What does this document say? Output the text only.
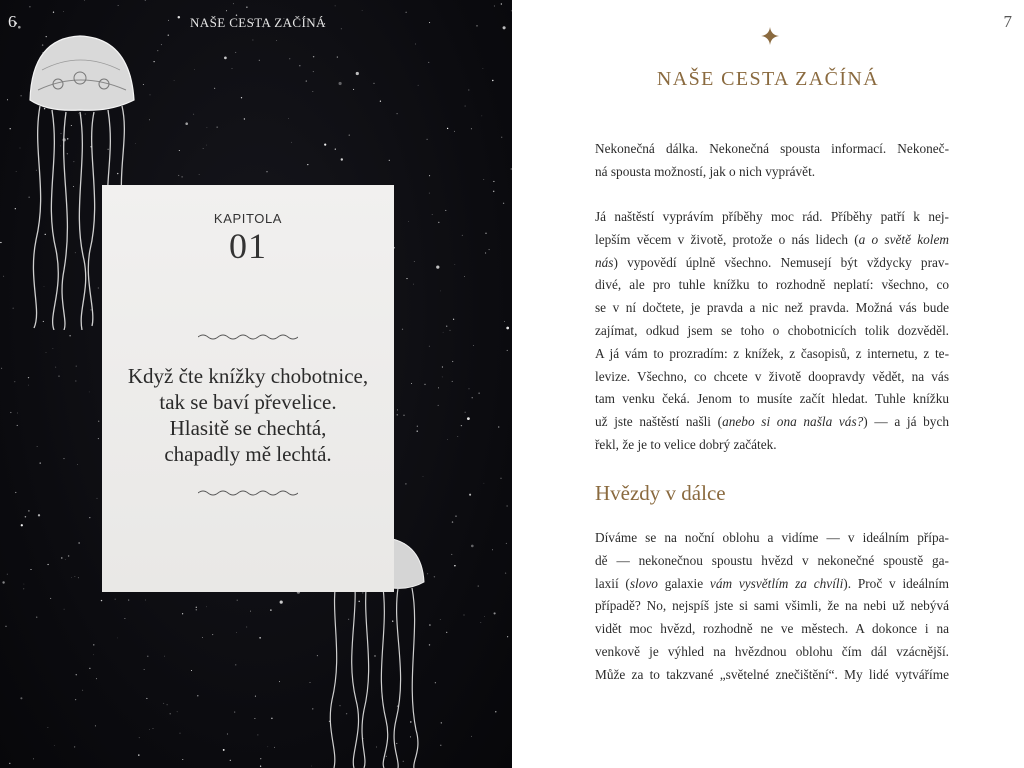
6	NAŠE CESTA ZAČÍNÁ
KAPITOLA
01
Když čte knížky chobotnice,
tak se baví převelice.
Hlasitě se chechtá,
chapadly mě lechtá.
7
NAŠE CESTA ZAČÍNÁ
Nekonečná dálka. Nekonečná spousta informací. Nekoneč-
ná spousta možností, jak o nich vyprávět.
Já naštěstí vyprávím příběhy moc rád. Příběhy patří k nej-
lepším věcem v životě, protože o nás lidech (a o světě kolem
nás) vypovědí úplně všechno. Nemusejí být vždycky prav-
divé, ale pro tuhle knížku to rozhodně neplatí: všechno, co
se v ní dočtete, je pravda a nic než pravda. Možná vás bude
zajímat, odkud jsem se toho o chobotnicích tolik dozvěděl.
A já vám to prozradím: z knížek, z časopisů, z internetu, z te-
levize. Všechno, co chcete v životě doopravdy vědět, na vás
tam venku čeká. Jenom to musíte začít hledat. Tuhle knížku
už jste naštěstí našli (anebo si ona našla vás?) — a já bych
řekl, že je to velice dobrý začátek.
Hvězdy v dálce
Díváme se na noční oblohu a vidíme — v ideálním přípa-
dě — nekonečnou spoustu hvězd v nekonečné spoustě ga-
laxií (slovo galaxie vám vysvětlím za chvíli). Proč v ideálním
případě? No, nejspíš jste si sami všimli, že na nebi už nebývá
vidět moc hvězd, rozhodně ne ve městech. A dokonce i na
venkově je výhled na hvězdnou oblohu čím dál vzácnější.
Může za to takzvané „světelné znečištění“. My lidé vytváříme
